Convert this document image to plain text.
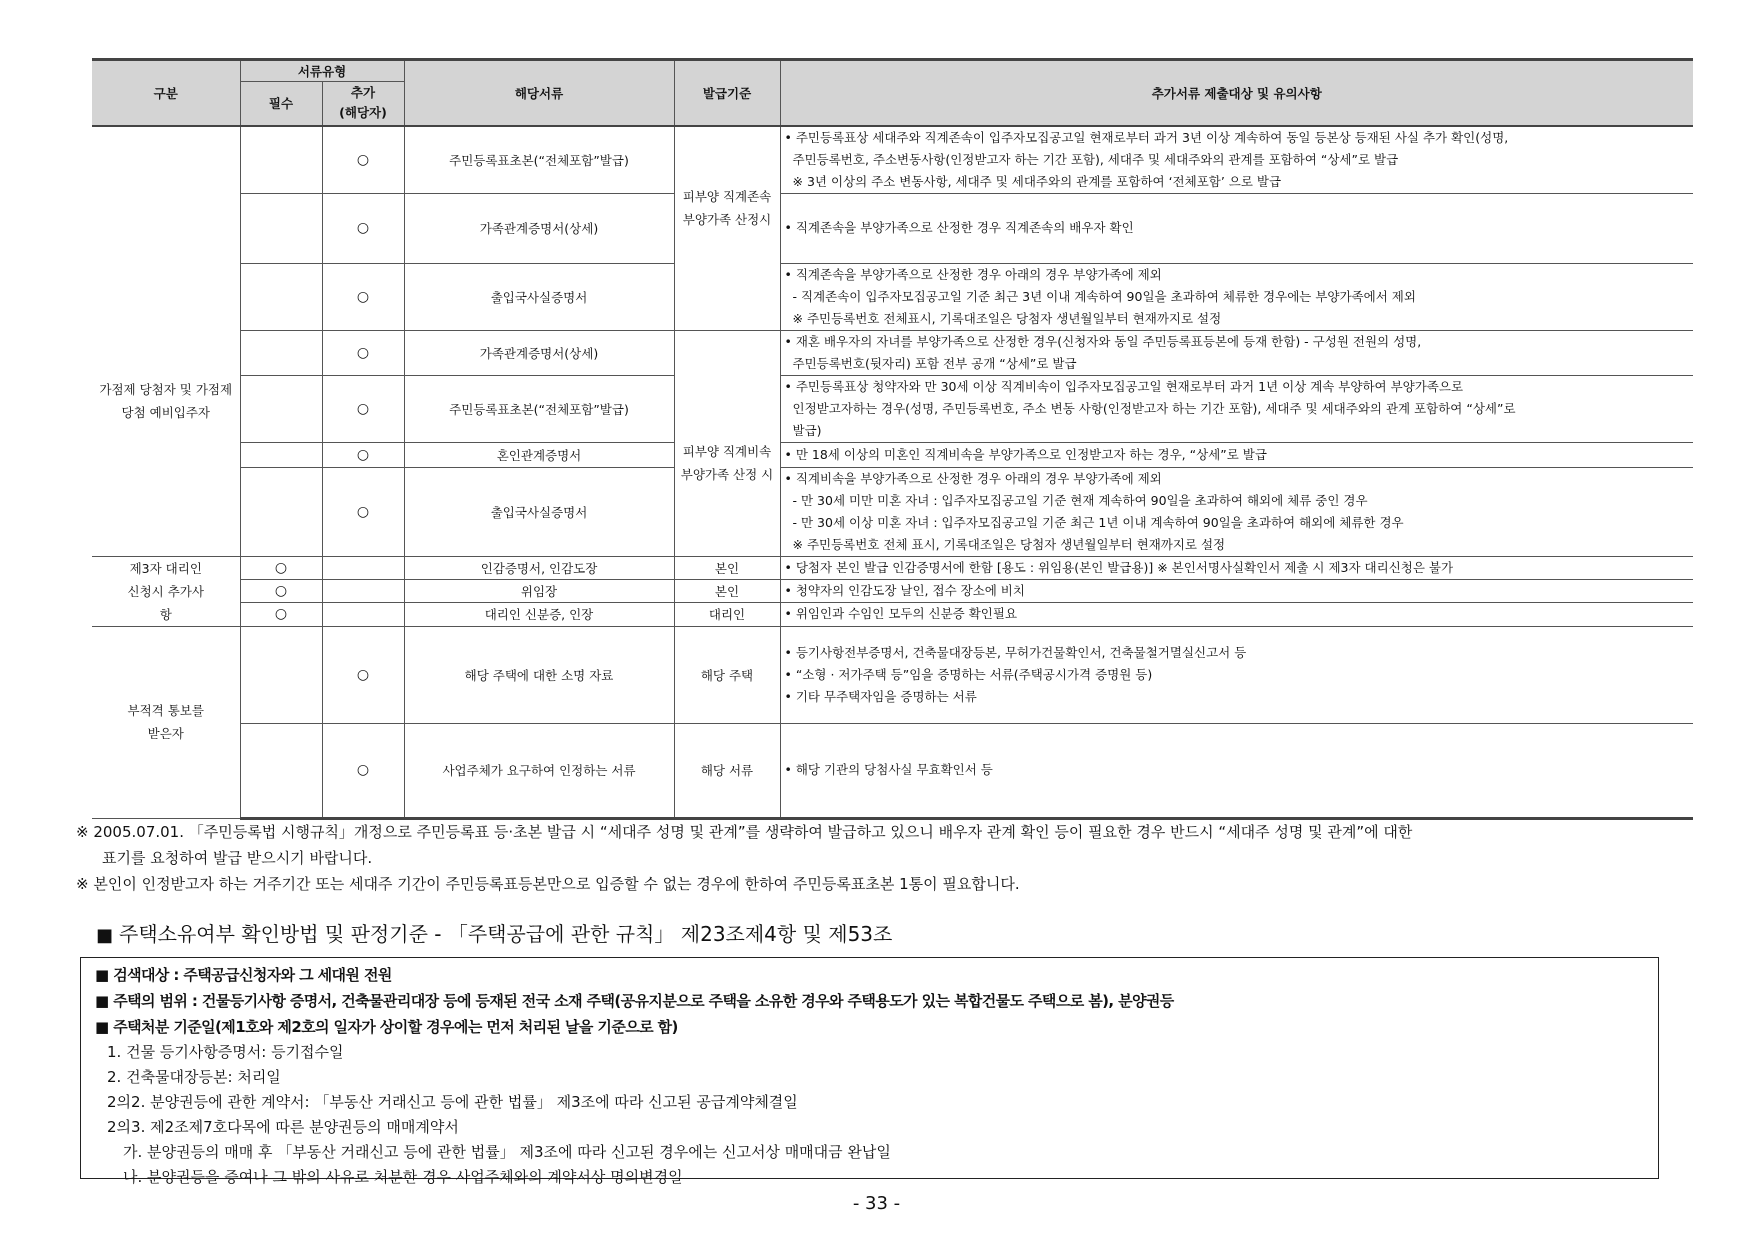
구분	서류유형		해당서류	발급기준	추가서류 제출대상 및 유의사항
	필수	추가
(해당자)			

가점제 당첨자 및 가점제 당첨 예비입주자		○	주민등록표초본(“전체포함”발급)	피부양 직계존속 부양가족 산정시	• 주민등록표상 세대주와 직계존속이 입주자모집공고일 현재로부터 과거 3년 이상 계속하여 동일 등본상 등재된 사실 추가 확인(성명,
주민등록번호, 주소변동사항(인정받고자 하는 기간 포함), 세대주 및 세대주와의 관계를 포함하여 “상세”로 발급
※ 3년 이상의 주소 변동사항, 세대주 및 세대주와의 관계를 포함하여 ‘전체포함’ 으로 발급

		○	가족관계증명서(상세)		• 직계존속을 부양가족으로 산정한 경우 직계존속의 배우자 확인

		○	출입국사실증명서		• 직계존속을 부양가족으로 산정한 경우 아래의 경우 부양가족에 제외
- 직계존속이 입주자모집공고일 기준 최근 3년 이내 계속하여 90일을 초과하여 체류한 경우에는 부양가족에서 제외
※ 주민등록번호 전체표시, 기록대조일은 당첨자 생년월일부터 현재까지로 설정

		○	가족관계증명서(상세)	피부양 직계비속 부양가족 산정 시	• 재혼 배우자의 자녀를 부양가족으로 산정한 경우(신청자와 동일 주민등록표등본에 등재 한함) - 구성원 전원의 성명,
주민등록번호(뒷자리) 포함 전부 공개 “상세”로 발급

		○	주민등록표초본(“전체포함”발급)		• 주민등록표상 청약자와 만 30세 이상 직계비속이 입주자모집공고일 현재로부터 과거 1년 이상 계속 부양하여 부양가족으로
인정받고자하는 경우(성명, 주민등록번호, 주소 변동 사항(인정받고자 하는 기간 포함), 세대주 및 세대주와의 관계 포함하여 “상세”로
발급)

		○	혼인관계증명서		• 만 18세 이상의 미혼인 직계비속을 부양가족으로 인정받고자 하는 경우, “상세”로 발급

		○	출입국사실증명서		• 직계비속을 부양가족으로 산정한 경우 아래의 경우 부양가족에 제외
- 만 30세 미만 미혼 자녀 : 입주자모집공고일 기준 현재 계속하여 90일을 초과하여 해외에 체류 중인 경우
- 만 30세 이상 미혼 자녀 : 입주자모집공고일 기준 최근 1년 이내 계속하여 90일을 초과하여 해외에 체류한 경우
※ 주민등록번호 전체 표시, 기록대조일은 당첨자 생년월일부터 현재까지로 설정

제3자 대리인 신청시 추가사항	○		인감증명서, 인감도장	본인	• 당첨자 본인 발급 인감증명서에 한함 [용도 : 위임용(본인 발급용)] ※ 본인서명사실확인서 제출 시 제3자 대리신청은 불가

	○		위임장	본인	• 청약자의 인감도장 날인, 접수 장소에 비치

	○		대리인 신분증, 인장	대리인	• 위임인과 수임인 모두의 신분증 확인필요

부적격 통보를 받은자		○	해당 주택에 대한 소명 자료	해당 주택	• 등기사항전부증명서, 건축물대장등본, 무허가건물확인서, 건축물철거멸실신고서 등
• “소형 · 저가주택 등”임을 증명하는 서류(주택공시가격 증명원 등)
• 기타 무주택자임을 증명하는 서류

		○	사업주체가 요구하여 인정하는 서류	해당 서류	• 해당 기관의 당첨사실 무효확인서 등
※ 2005.07.01. 「주민등록법 시행규칙」개정으로 주민등록표 등·초본 발급 시 “세대주 성명 및 관계”를 생략하여 발급하고 있으니 배우자 관계 확인 등이 필요한 경우 반드시 “세대주 성명 및 관계”에 대한
표기를 요청하여 발급 받으시기 바랍니다.
※ 본인이 인정받고자 하는 거주기간 또는 세대주 기간이 주민등록표등본만으로 입증할 수 없는 경우에 한하여 주민등록표초본 1통이 필요합니다.
■ 주택소유여부 확인방법 및 판정기준 - 「주택공급에 관한 규칙」 제23조제4항 및 제53조
■ 검색대상 : 주택공급신청자와 그 세대원 전원
■ 주택의 범위 : 건물등기사항 증명서, 건축물관리대장 등에 등재된 전국 소재 주택(공유지분으로 주택을 소유한 경우와 주택용도가 있는 복합건물도 주택으로 봄), 분양권등
■ 주택처분 기준일(제1호와 제2호의 일자가 상이할 경우에는 먼저 처리된 날을 기준으로 함)
1. 건물 등기사항증명서: 등기접수일
2. 건축물대장등본: 처리일
2의2. 분양권등에 관한 계약서: 「부동산 거래신고 등에 관한 법률」 제3조에 따라 신고된 공급계약체결일
2의3. 제2조제7호다목에 따른 분양권등의 매매계약서
가. 분양권등의 매매 후 「부동산 거래신고 등에 관한 법률」 제3조에 따라 신고된 경우에는 신고서상 매매대금 완납일
나. 분양권등을 증여나 그 밖의 사유로 처분한 경우 사업주체와의 계약서상 명의변경일
- 33 -
